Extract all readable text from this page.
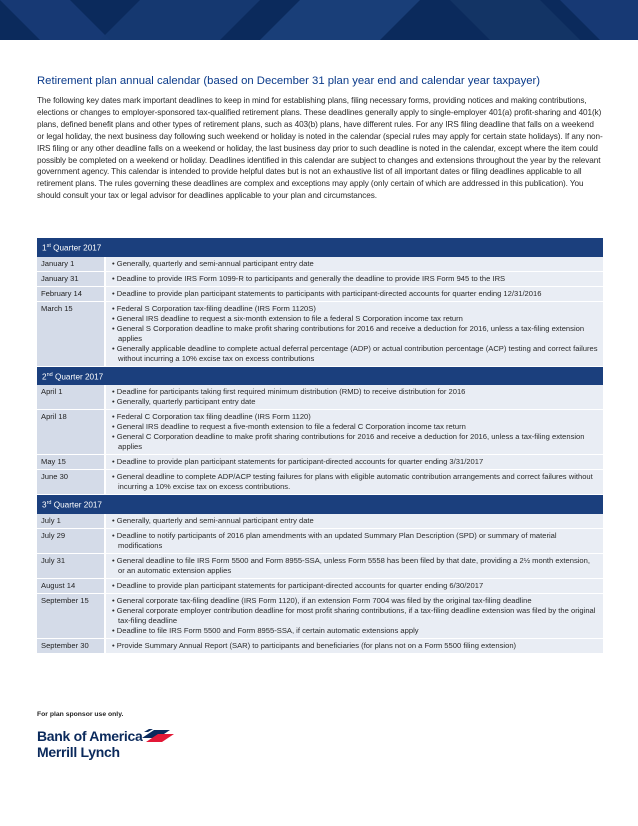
Retirement plan annual calendar (based on December 31 plan year end and calendar year taxpayer)

The following key dates mark important deadlines to keep in mind for establishing plans, filing necessary forms, providing notices and making contributions, elections or changes to employer-sponsored tax-qualified retirement plans. These deadlines generally apply to single-employer 401(a) profit-sharing and 401(k) plans, defined benefit plans and other types of retirement plans, such as 403(b) plans, have different rules. For any IRS filing deadline that falls on a weekend or legal holiday, the next business day following such weekend or holiday is noted in the calendar (special rules may apply for certain state holidays). If any non-IRS filing or any other deadline falls on a weekend or holiday, the last business day prior to such deadline is noted in the calendar, except where the item could possibly be completed on a weekend or holiday. Deadlines identified in this calendar are subject to changes and extensions throughout the year by the relevant government agency. This calendar is intended to provide helpful dates but is not an exhaustive list of all important dates or filing deadlines applicable to all retirement plans. The rules governing these deadlines are complex and exceptions may apply (only certain of which are addressed in this publication). You should consult your tax or legal advisor for deadlines applicable to your plan and circumstances.

1st Quarter 2017	
January 1	• Generally, quarterly and semi-annual participant entry date

January 31	• Deadline to provide IRS Form 1099-R to participants and generally the deadline to provide IRS Form 945 to the IRS

February 14	• Deadline to provide plan participant statements to participants with participant-directed accounts for quarter ending 12/31/2016

March 15	• Federal S Corporation tax-filing deadline (IRS Form 1120S)
• General IRS deadline to request a six-month extension to file a federal S Corporation income tax return
• General S Corporation deadline to make profit sharing contributions for 2016 and receive a deduction for 2016, unless a tax-filing extension applies
• Generally applicable deadline to complete actual deferral percentage (ADP) or actual contribution percentage (ACP) testing and correct failures without incurring a 10% excise tax on excess contributions

2nd Quarter 2017	
April 1	• Deadline for participants taking first required minimum distribution (RMD) to receive distribution for 2016
• Generally, quarterly participant entry date

April 18	• Federal C Corporation tax filing deadline (IRS Form 1120)
• General IRS deadline to request a five-month extension to file a federal C Corporation income tax return
• General C Corporation deadline to make profit sharing contributions for 2016 and receive a deduction for 2016, unless a tax-filing extension applies

May 15	• Deadline to provide plan participant statements for participant-directed accounts for quarter ending 3/31/2017

June 30	• General deadline to complete ADP/ACP testing failures for plans with eligible automatic contribution arrangements and correct failures without incurring a 10% excise tax on excess contributions.

3rd Quarter 2017	
July 1	• Generally, quarterly and semi-annual participant entry date

July 29	• Deadline to notify participants of 2016 plan amendments with an updated Summary Plan Description (SPD) or summary of material modifications

July 31	• General deadline to file IRS Form 5500 and Form 8955-SSA, unless Form 5558 has been filed by that date, providing a 2½ month extension, or an automatic extension applies

August 14	• Deadline to provide plan participant statements for participant-directed accounts for quarter ending 6/30/2017

September 15	• General corporate tax-filing deadline (IRS Form 1120), if an extension Form 7004 was filed by the original tax-filing deadline
• General corporate employer contribution deadline for most profit sharing contributions, if a tax-filing deadline extension was filed by the original tax-filing deadline
• Deadline to file IRS Form 5500 and Form 8955-SSA, if certain automatic extensions apply

September 30	• Provide Summary Annual Report (SAR) to participants and beneficiaries (for plans not on a Form 5500 filing extension)
For plan sponsor use only.
Bank of America
Merrill Lynch
